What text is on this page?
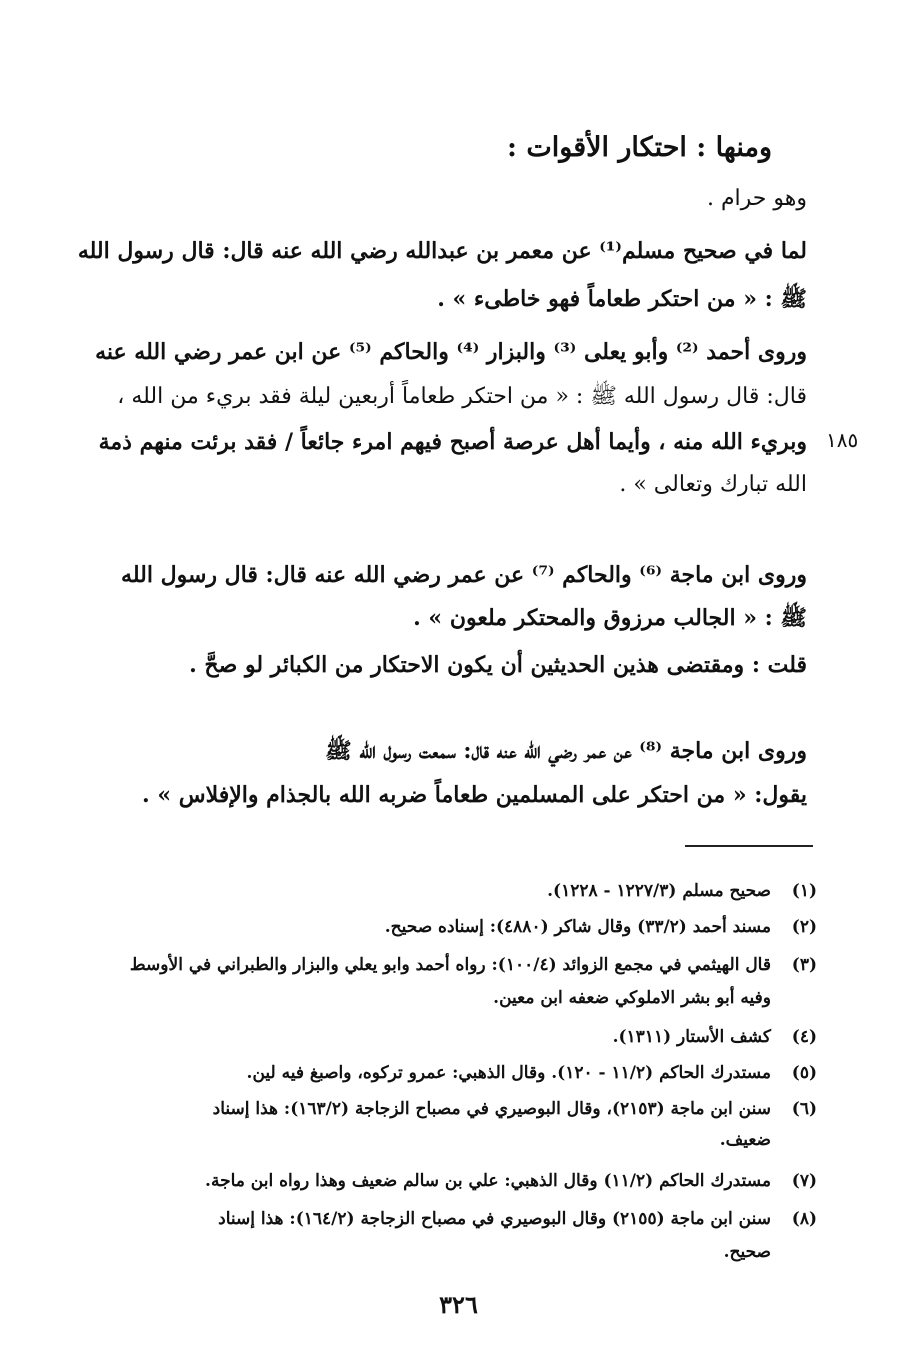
ومنها : احتكار الأقوات :
وهو حرام .
لما في صحيح مسلم⁽¹⁾ عن معمر بن عبدالله رضي الله عنه قال: قال رسول الله
ﷺ : « من احتكر طعاماً فهو خاطىء » .
وروى أحمد ⁽²⁾ وأبو يعلى ⁽³⁾ والبزار ⁽⁴⁾ والحاكم ⁽⁵⁾ عن ابن عمر رضي الله عنه
قال: قال رسول الله ﷺ : « من احتكر طعاماً أربعين ليلة فقد بريء من الله ،
وبريء الله منه ، وأيما أهل عرصة أصبح فيهم امرء جائعاً / فقد برئت منهم ذمة
الله تبارك وتعالى » .
١٨٥
وروى ابن ماجة ⁽⁶⁾ والحاكم ⁽⁷⁾ عن عمر رضي الله عنه قال: قال رسول الله
ﷺ : « الجالب مرزوق والمحتكر ملعون » .
قلت : ومقتضى هذين الحديثين أن يكون الاحتكار من الكبائر لو صحَّ .
وروى ابن ماجة ⁽⁸⁾ عن عمر رضي الله عنه قال: سمعت رسول الله ﷺ
يقول: « من احتكر على المسلمين طعاماً ضربه الله بالجذام والإفلاس » .
(١)صحيح مسلم (١٢٢٧/٣ - ١٢٢٨).
(٢)مسند أحمد (٣٣/٢) وقال شاكر (٤٨٨٠): إسناده صحيح.
(٣)قال الهيثمي في مجمع الزوائد (١٠٠/٤): رواه أحمد وابو يعلي والبزار والطبراني في الأوسط
وفيه أبو بشر الاملوكي ضعفه ابن معين.
(٤)كشف الأستار (١٣١١).
(٥)مستدرك الحاكم (١١/٢ - ١٢٠). وقال الذهبي: عمرو تركوه، واصبغ فيه لين.
(٦)سنن ابن ماجة (٢١٥٣)، وقال البوصيري في مصباح الزجاجة (١٦٣/٢): هذا إسناد
ضعيف.
(٧)مستدرك الحاكم (١١/٢) وقال الذهبي: علي بن سالم ضعيف وهذا رواه ابن ماجة.
(٨)سنن ابن ماجة (٢١٥٥) وقال البوصيري في مصباح الزجاجة (١٦٤/٢): هذا إسناد
صحيح.
٣٢٦
